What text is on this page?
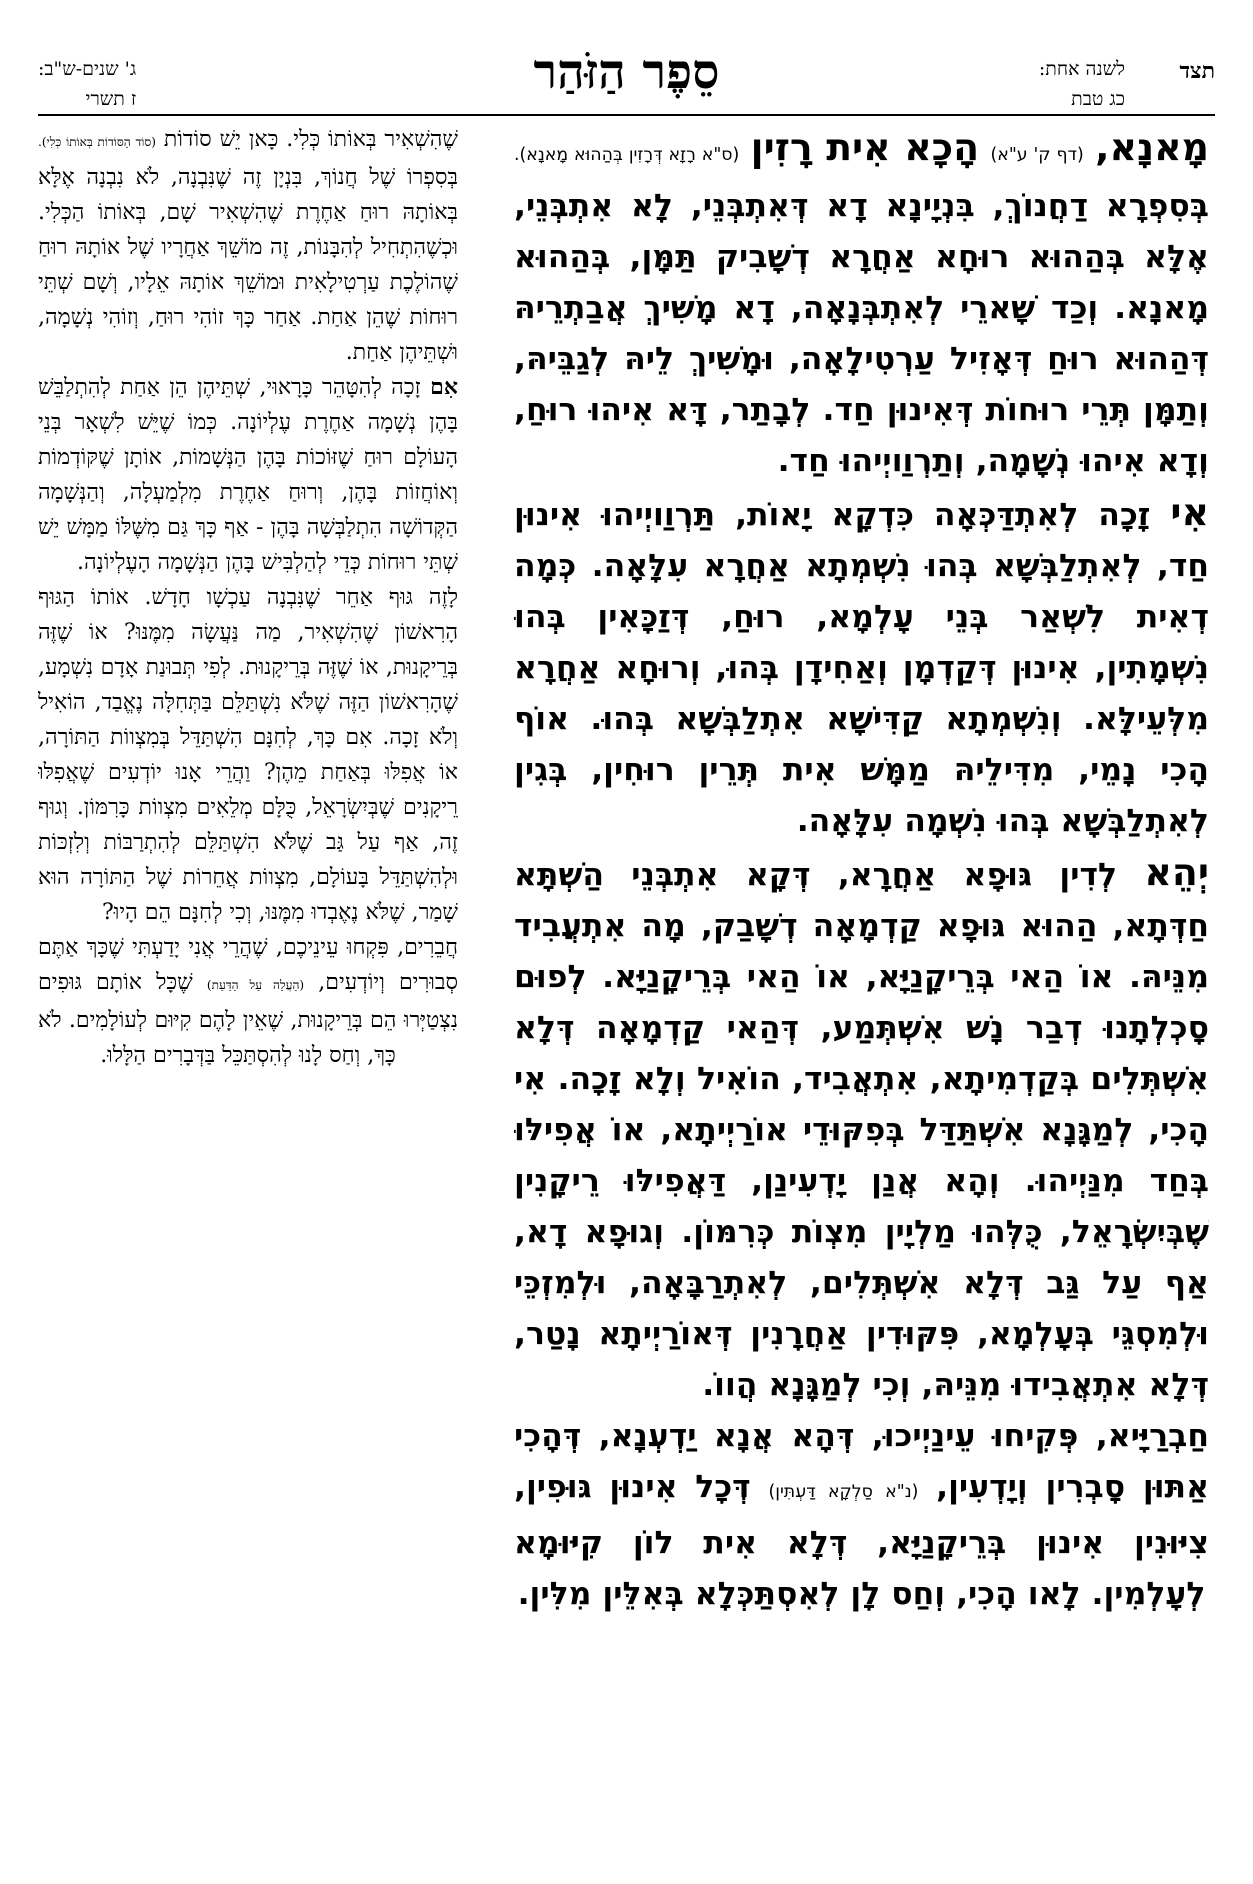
תצד
לשנה אחת:
כג טבת
סֵפֶר הַזֹּהַר
ג' שנים-ש"ב:
ז תשרי

מָאנָא, (דף ק' ע"א) הָכָא אִית רָזִין (ס"א רָזָא דְּרָזִין בְּהַהוּא מָאנָא). בְּסִפְרָא דַחֲנוֹךְ, בִּנְיָינָא דָא דְּאִתְבְּנֵי, לָא אִתְבְּנֵי, אֶלָּא בְּהַהוּא רוּחָא אַחֲרָא דְשָׁבִיק תַּמָּן, בְּהַהוּא מָאנָא. וְכַד שָׁארֵי לְאִתְבְּנָאָה, דָא מָשִׁיךְ אֲבַתְרֵיהּ דְּהַהוּא רוּחַ דְּאָזִיל עַרְטִילָאָה, וּמָשִׁיךְ לֵיהּ לְגַבֵּיהּ, וְתַמָּן תְּרֵי רוּחוֹת דְּאִינוּן חַד. לְבָתַר, דָּא אִיהוּ רוּחַ, וְדָא אִיהוּ נְשָׁמָה, וְתַרְוַויְיהוּ חַד.

אִי זָכָה לְאִתְדַּכְּאָה כִּדְקָא יָאוֹת, תַּרְוַויְיהוּ אִינוּן חַד, לְאִתְלַבְּשָׁא בְּהוּ נִשְׁמְתָא אַחֲרָא עִלָּאָה. כְּמָה דְאִית לִשְׁאַר בְּנֵי עָלְמָא, רוּחַ, דְּזַכָּאִין בְּהוּ נִשְׁמָתִין, אִינוּן דְּקַדְמָן וְאַחִידָן בְּהוּ, וְרוּחָא אַחֲרָא מִלְּעֵילָּא. וְנִשְׁמְתָא קַדִּישָׁא אִתְלַבְּשָׁא בְּהוּ. אוֹף הָכִי נָמֵי, מִדִּילֵיהּ מַמָּשׁ אִית תְּרֵין רוּחִין, בְּגִין לְאִתְלַבְּשָׁא בְּהוּ נִשְׁמָה עִלָּאָה.

יְהֵא לְדִין גּוּפָא אַחֲרָא, דְּקָא אִתְבְּנֵי הַשְׁתָּא חַדְּתָא, הַהוּא גּוּפָא קַדְמָאָה דְשָׁבַק, מָה אִתְעֲבִיד מִנֵּיהּ. אוֹ הַאי בְּרֵיקָנַיָּא, אוֹ הַאי בְּרֵיקָנַיָּא. לְפוּם סָכְלְתָנוּ דְבַר נָשׁ אִשְׁתְּמַע, דְּהַאי קַדְמָאָה דְּלָא אִשְׁתְּלִים בְּקַדְמִיתָא, אִתְאֲבִיד, הוֹאִיל וְלָא זָכָה. אִי הָכִי, לְמַגָּנָא אִשְׁתַּדַּל בְּפִקּוּדֵי אוֹרַיְיתָא, אוֹ אֲפִילּוּ בְּחַד מִנַּיְיהוּ. וְהָא אֲנַן יָדְעִינַן, דַּאֲפִילּוּ רֵיקָנִין שֶׁבְּיִשְׂרָאֵל, כֻּלְּהוּ מַלְיָין מִצְוֹת כְּרִמּוֹן. וְגוּפָא דָא, אַף עַל גַּב דְּלָא אִשְׁתְּלִים, לְאִתְרַבָּאָה, וּלְמִזְכֵּי וּלְמִסְגֵּי בְּעָלְמָא, פִּקּוּדִין אַחֲרָנִין דְּאוֹרַיְיתָא נָטַר, דְּלָא אִתְאֲבִידוּ מִנֵּיהּ, וְכִי לְמַגָּנָא הֲווֹ.

חַבְרַיָּיא, פְּקִיחוּ עֵינַיְיכוּ, דְּהָא אֲנָא יַדְעְנָא, דְּהָכִי אַתּוּן סָבְרִין וְיָדְעִין, (נ"א סַלְקָא דַּעְתִּין) דְּכָל אִינוּן גּוּפִין, צִיּוּנִין אִינוּן בְּרֵיקָנַיָּא, דְּלָא אִית לוֹן קִיּוּמָא לְעָלְמִין. לָאו הָכִי, וְחַס לָן לְאִסְתַּכְּלָא בְּאִלֵּין מִלִּין.

שֶׁהִשְׁאִיר בְּאוֹתוֹ כְּלִי. כָּאן יֵשׁ סוֹדוֹת (סוֹד הַסּוֹדוֹת בְּאוֹתוֹ כְּלִי). בְּסִפְרוֹ שֶׁל חֲנוֹךְ, בִּנְיָן זֶה שֶׁנִּבְנָה, לֹא נִבְנָה אֶלָּא בְּאוֹתָהּ רוּחַ אַחֶרֶת שֶׁהִשְׁאִיר שָׁם, בְּאוֹתוֹ הַכְּלִי. וּכְשֶׁהִתְחִיל לְהִבָּנוֹת, זֶה מוֹשֵׁךְ אַחֲרָיו שֶׁל אוֹתָהּ רוּחַ שֶׁהוֹלֶכֶת עַרְטִילָאִית וּמוֹשֵׁךְ אוֹתָהּ אֵלָיו, וְשָׁם שְׁתֵּי רוּחוֹת שֶׁהֵן אַחַת. אַחַר כָּךְ זוֹהִי רוּחַ, וְזוֹהִי נְשָׁמָה, וּשְׁתֵּיהֶן אַחַת.

אִם זָכָה לְהִטָּהֵר כָּרָאוּי, שְׁתֵּיהֶן הֵן אַחַת לְהִתְלַבֵּשׁ בָּהֶן נְשָׁמָה אַחֶרֶת עֶלְיוֹנָה. כְּמוֹ שֶׁיֵּשׁ לִשְׁאָר בְּנֵי הָעוֹלָם רוּחַ שֶׁזּוֹכוֹת בָּהֶן הַנְּשָׁמוֹת, אוֹתָן שֶׁקּוֹדְמוֹת וְאוֹחֲזוֹת בָּהֶן, וְרוּחַ אַחֶרֶת מִלְמַעְלָה, וְהַנְּשָׁמָה הַקְּדוֹשָׁה הִתְלַבְּשָׁה בָּהֶן - אַף כָּךְ גַּם מִשֶּׁלּוֹ מַמָּשׁ יֵשׁ שְׁתֵּי רוּחוֹת כְּדֵי לְהַלְבִּישׁ בָּהֶן הַנְּשָׁמָה הָעֶלְיוֹנָה.

לָזֶה גּוּף אַחֵר שֶׁנִּבְנָה עַכְשָׁו חָדָשׁ. אוֹתוֹ הַגּוּף הָרִאשׁוֹן שֶׁהִשְׁאִיר, מַה נַּעֲשָׂה מִמֶּנּוּ? אוֹ שֶׁזֶּה בְּרֵיקָנוּת, אוֹ שֶׁזֶּה בְּרֵיקָנוּת. לְפִי תְּבוּנַת אָדָם נִשְׁמָע, שֶׁהָרִאשׁוֹן הַזֶּה שֶׁלֹּא נִשְׁתַּלֵּם בַּתְּחִלָּה נֶאֱבַד, הוֹאִיל וְלֹא זָכָה. אִם כָּךְ, לְחִנָּם הִשְׁתַּדֵּל בְּמִצְווֹת הַתּוֹרָה, אוֹ אֲפִלּוּ בְּאַחַת מֵהֶן? וַהֲרֵי אָנוּ יוֹדְעִים שֶׁאֲפִלּוּ רֵיקָנִים שֶׁבְּיִשְׂרָאֵל, כֻּלָּם מְלֵאִים מִצְווֹת כָּרִמּוֹן. וְגוּף זֶה, אַף עַל גַּב שֶׁלֹּא הִשְׁתַּלֵּם לְהִתְרַבּוֹת וְלִזְכּוֹת וּלְהִשְׁתַּדֵּל בָּעוֹלָם, מִצְווֹת אֲחֵרוֹת שֶׁל הַתּוֹרָה הוּא שָׁמַר, שֶׁלֹּא נֶאֶבְדוּ מִמֶּנּוּ, וְכִי לְחִנָּם הֵם הָיוּ?

חֲבֵרִים, פִּקְחוּ עֵינֵיכֶם, שֶׁהֲרֵי אֲנִי יָדַעְתִּי שֶׁכָּךְ אַתֶּם סְבוּרִים וְיוֹדְעִים, (הַעֲלֵה עַל הַדַּעַת) שֶׁכָּל אוֹתָם גּוּפִים נִצְטַיְּרוּ הֵם בְּרֵיקָנוּת, שֶׁאֵין לָהֶם קִיּוּם לְעוֹלָמִים. לֹא כָּךְ, וְחַס לָנוּ לְהִסְתַּכֵּל בַּדְּבָרִים הַלָּלוּ.
